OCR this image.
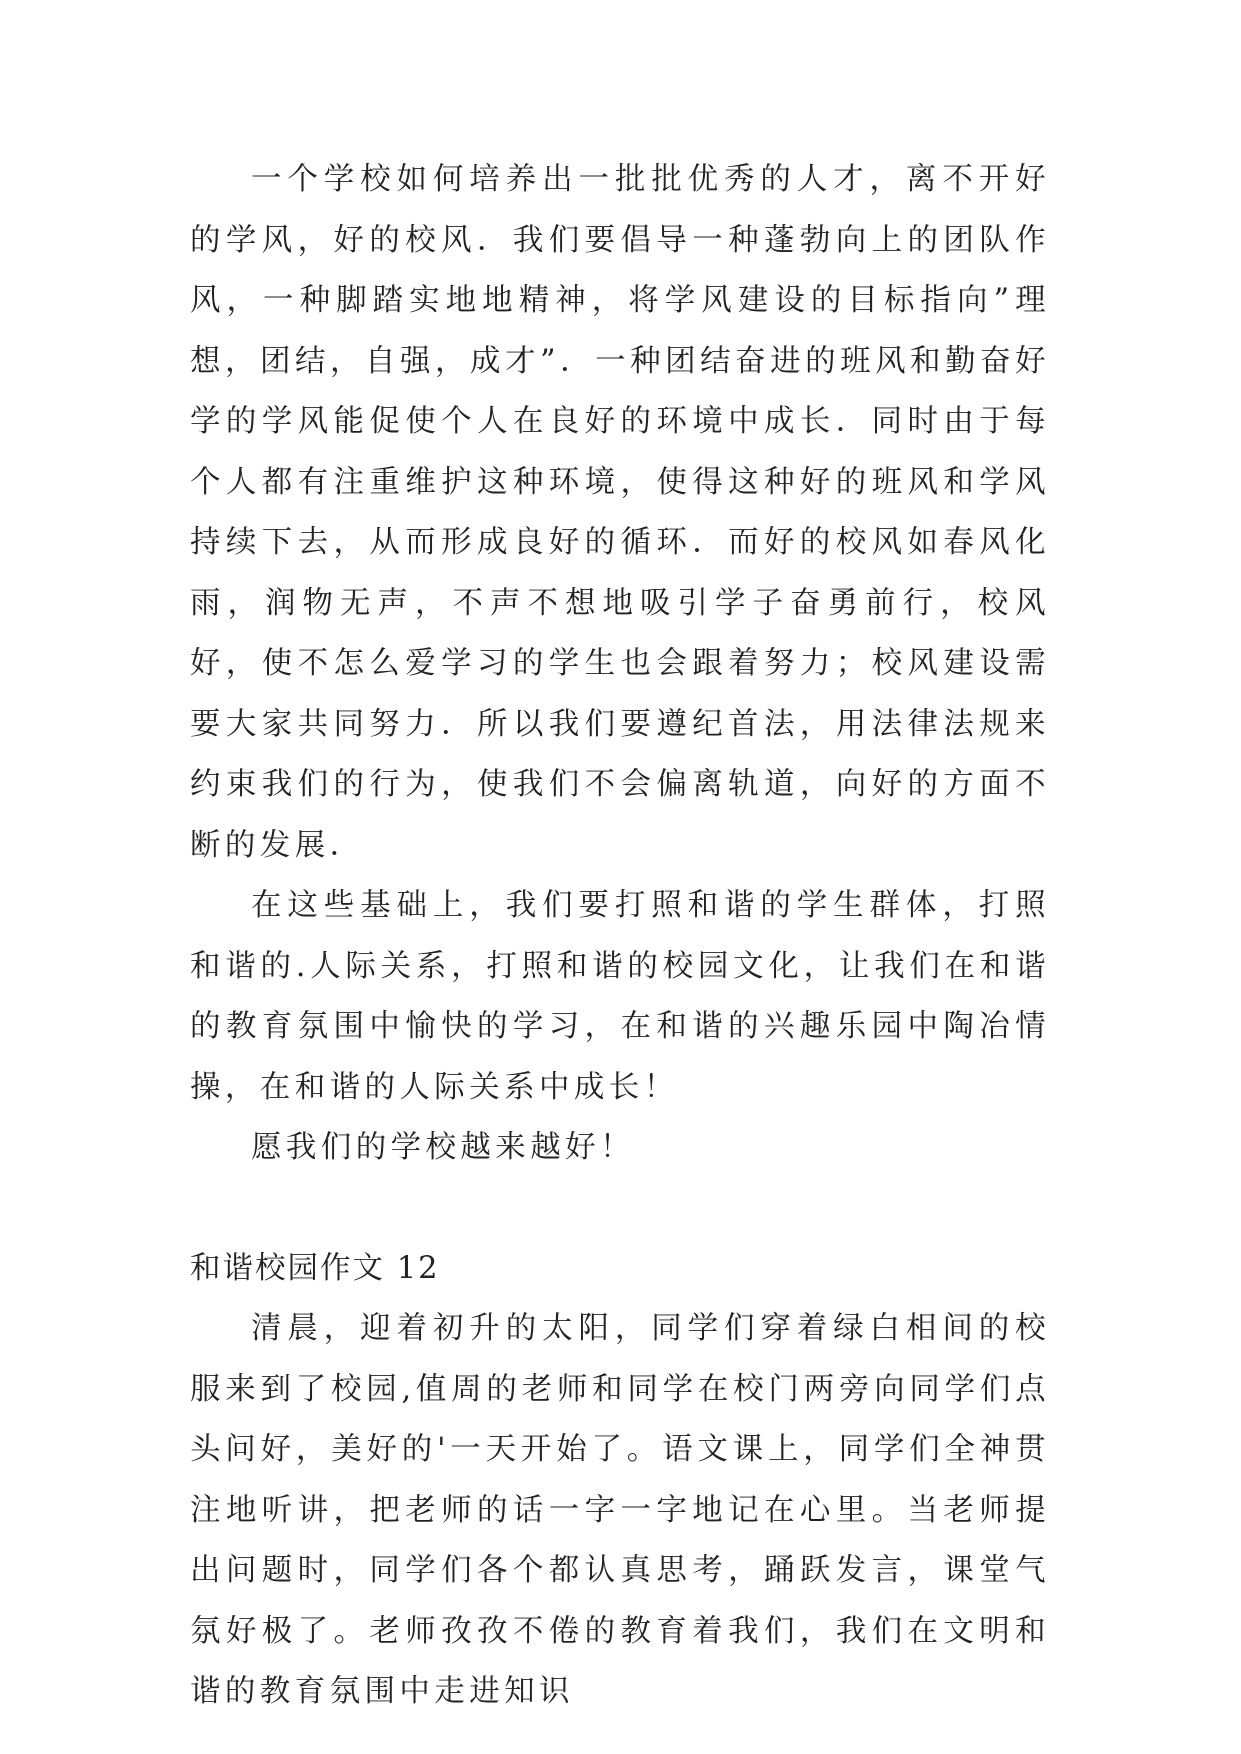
一个学校如何培养出一批批优秀的人才，离不开好的学风，好的校风．我们要倡导一种蓬勃向上的团队作风，一种脚踏实地地精神，将学风建设的目标指向”理想，团结，自强，成才”．一种团结奋进的班风和勤奋好学的学风能促使个人在良好的环境中成长．同时由于每个人都有注重维护这种环境，使得这种好的班风和学风持续下去，从而形成良好的循环．而好的校风如春风化雨，润物无声，不声不想地吸引学子奋勇前行，校风好，使不怎么爱学习的学生也会跟着努力；校风建设需要大家共同努力．所以我们要遵纪首法，用法律法规来约束我们的行为，使我们不会偏离轨道，向好的方面不断的发展．

在这些基础上，我们要打照和谐的学生群体，打照和谐的.人际关系，打照和谐的校园文化，让我们在和谐的教育氛围中愉快的学习，在和谐的兴趣乐园中陶冶情操，在和谐的人际关系中成长！

愿我们的学校越来越好！

和谐校园作文 12

清晨，迎着初升的太阳，同学们穿着绿白相间的校服来到了校园,值周的老师和同学在校门两旁向同学们点头问好，美好的'一天开始了。语文课上，同学们全神贯注地听讲，把老师的话一字一字地记在心里。当老师提出问题时，同学们各个都认真思考，踊跃发言，课堂气氛好极了。老师孜孜不倦的教育着我们，我们在文明和谐的教育氛围中走进知识
